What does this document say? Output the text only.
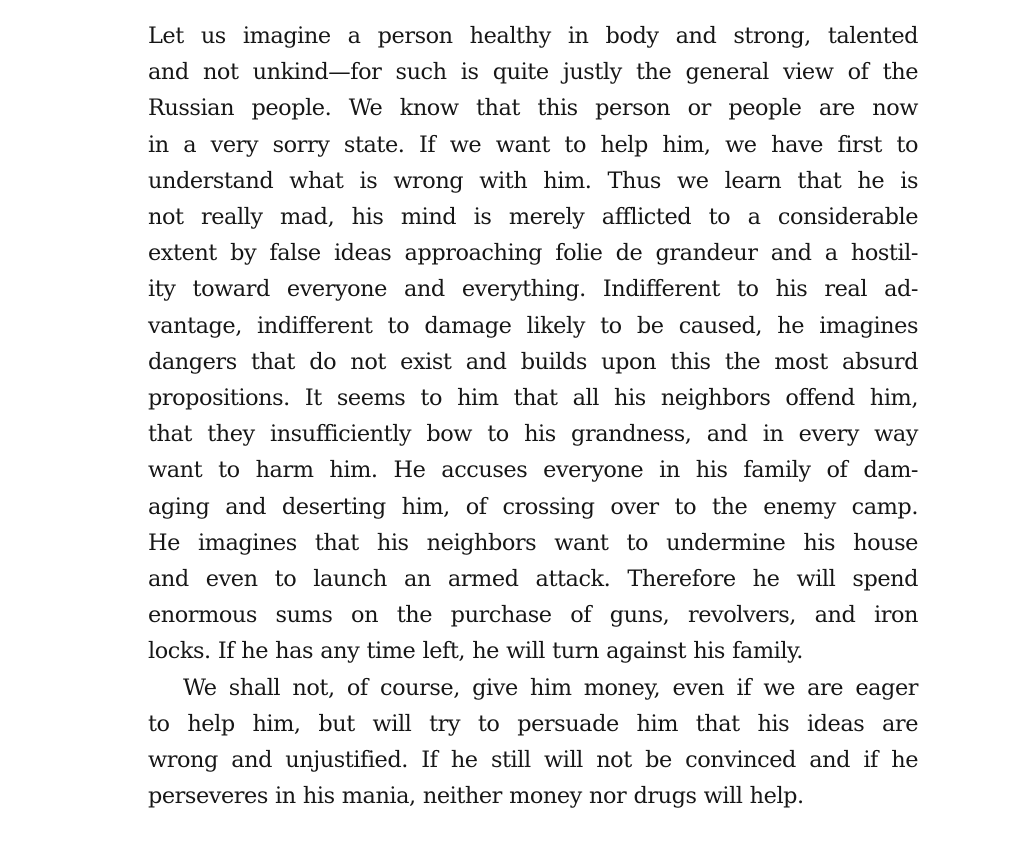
Let us imagine a person healthy in body and strong, talented
and not unkind—for such is quite justly the general view of the
Russian people. We know that this person or people are now
in a very sorry state. If we want to help him, we have first to
understand what is wrong with him. Thus we learn that he is
not really mad, his mind is merely afflicted to a considerable
extent by false ideas approaching folie de grandeur and a hostil-
ity toward everyone and everything. Indifferent to his real ad-
vantage, indifferent to damage likely to be caused, he imagines
dangers that do not exist and builds upon this the most absurd
propositions. It seems to him that all his neighbors offend him,
that they insufficiently bow to his grandness, and in every way
want to harm him. He accuses everyone in his family of dam-
aging and deserting him, of crossing over to the enemy camp.
He imagines that his neighbors want to undermine his house
and even to launch an armed attack. Therefore he will spend
enormous sums on the purchase of guns, revolvers, and iron
locks. If he has any time left, he will turn against his family.
We shall not, of course, give him money, even if we are eager
to help him, but will try to persuade him that his ideas are
wrong and unjustified. If he still will not be convinced and if he
perseveres in his mania, neither money nor drugs will help.
